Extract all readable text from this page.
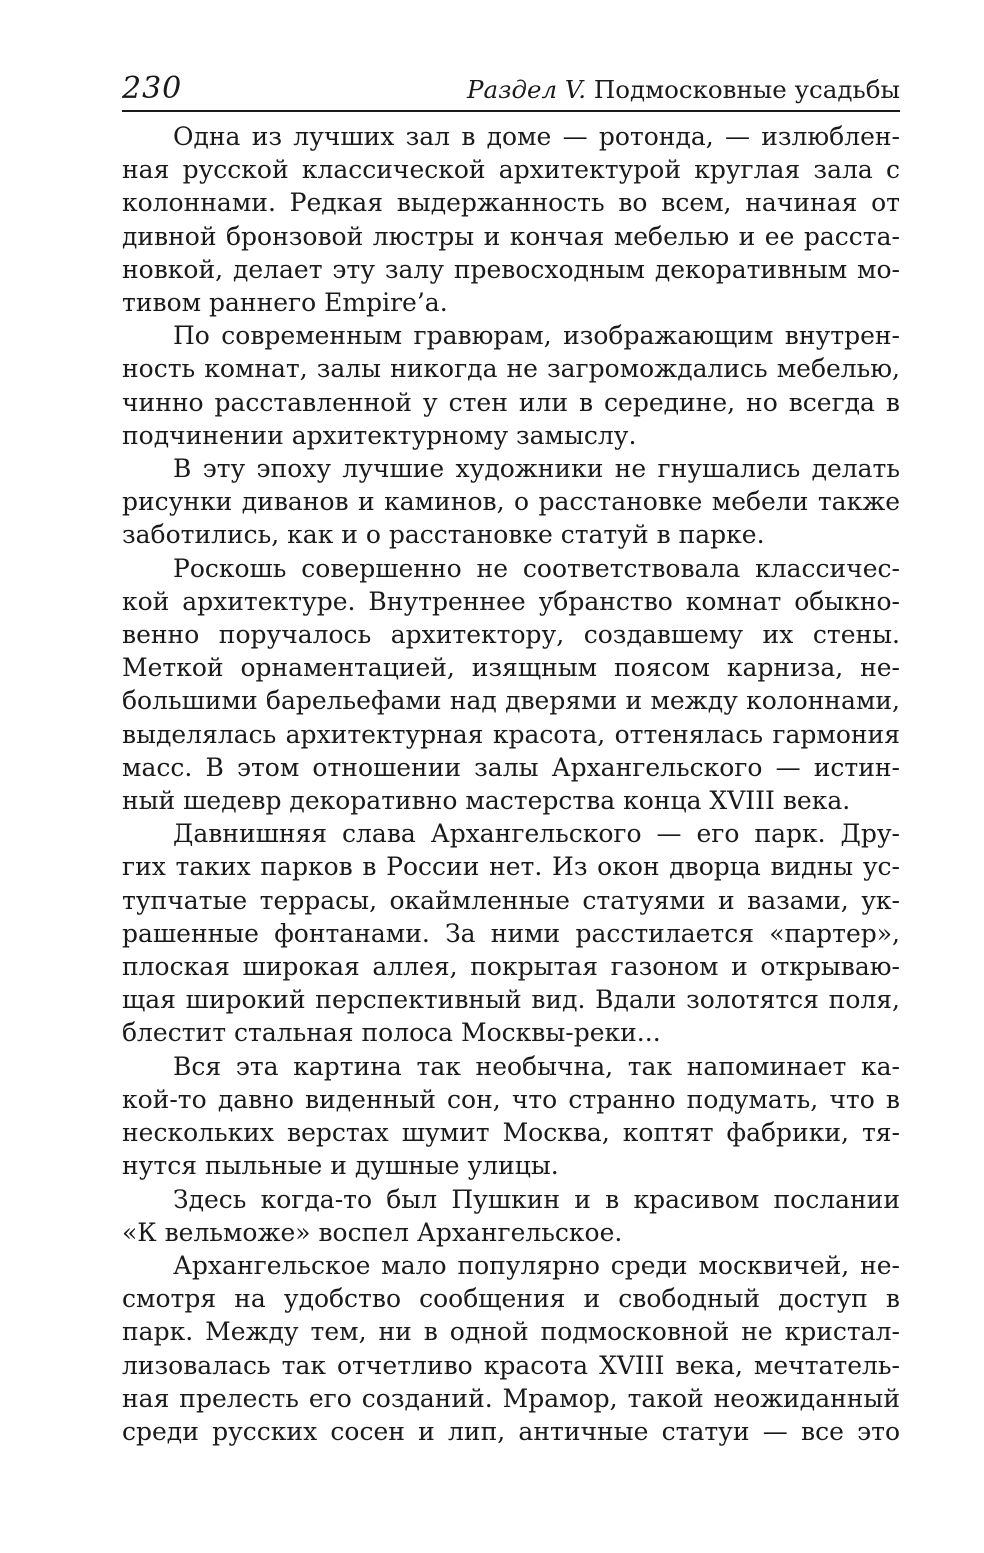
230	Раздел V. Подмосковные усадьбы
Одна из лучших зал в доме — ротонда, — излюблен-
ная русской классической архитектурой круглая зала с
колоннами. Редкая выдержанность во всем, начиная от
дивной бронзовой люстры и кончая мебелью и ее расста-
новкой, делает эту залу превосходным декоративным мо-
тивом раннего Empire’a.
По современным гравюрам, изображающим внутрен-
ность комнат, залы никогда не загромождались мебелью,
чинно расставленной у стен или в середине, но всегда в
подчинении архитектурному замыслу.
В эту эпоху лучшие художники не гнушались делать
рисунки диванов и каминов, о расстановке мебели также
заботились, как и о расстановке статуй в парке.
Роскошь совершенно не соответствовала классичес-
кой архитектуре. Внутреннее убранство комнат обыкно-
венно поручалось архитектору, создавшему их стены.
Меткой орнаментацией, изящным поясом карниза, не-
большими барельефами над дверями и между колоннами,
выделялась архитектурная красота, оттенялась гармония
масс. В этом отношении залы Архангельского — истин-
ный шедевр декоративно мастерства конца XVIII века.
Давнишняя слава Архангельского — его парк. Дру-
гих таких парков в России нет. Из окон дворца видны ус-
тупчатые террасы, окаймленные статуями и вазами, ук-
рашенные фонтанами. За ними расстилается «партер»,
плоская широкая аллея, покрытая газоном и открываю-
щая широкий перспективный вид. Вдали золотятся поля,
блестит стальная полоса Москвы-реки...
Вся эта картина так необычна, так напоминает ка-
кой-то давно виденный сон, что странно подумать, что в
нескольких верстах шумит Москва, коптят фабрики, тя-
нутся пыльные и душные улицы.
Здесь когда-то был Пушкин и в красивом послании
«К вельможе» воспел Архангельское.
Архангельское мало популярно среди москвичей, не-
смотря на удобство сообщения и свободный доступ в
парк. Между тем, ни в одной подмосковной не кристал-
лизовалась так отчетливо красота XVIII века, мечтатель-
ная прелесть его созданий. Мрамор, такой неожиданный
среди русских сосен и лип, античные статуи — все это
